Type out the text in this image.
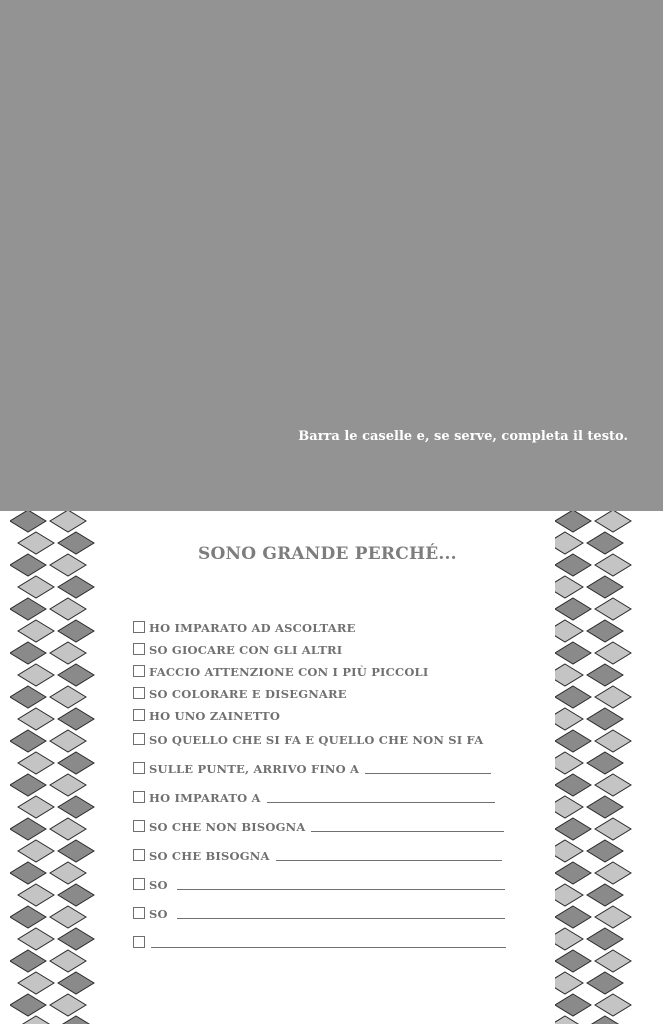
Barra le caselle e, se serve, completa il testo.
SONO GRANDE PERCHÉ...
HO IMPARATO AD ASCOLTARE
SO GIOCARE CON GLI ALTRI
FACCIO ATTENZIONE CON I PIÙ PICCOLI
SO COLORARE E DISEGNARE
HO UNO ZAINETTO
SO QUELLO CHE SI FA E QUELLO CHE NON SI FA
SULLE PUNTE, ARRIVO FINO A
HO IMPARATO A
SO CHE NON BISOGNA
SO CHE BISOGNA
SO
SO
